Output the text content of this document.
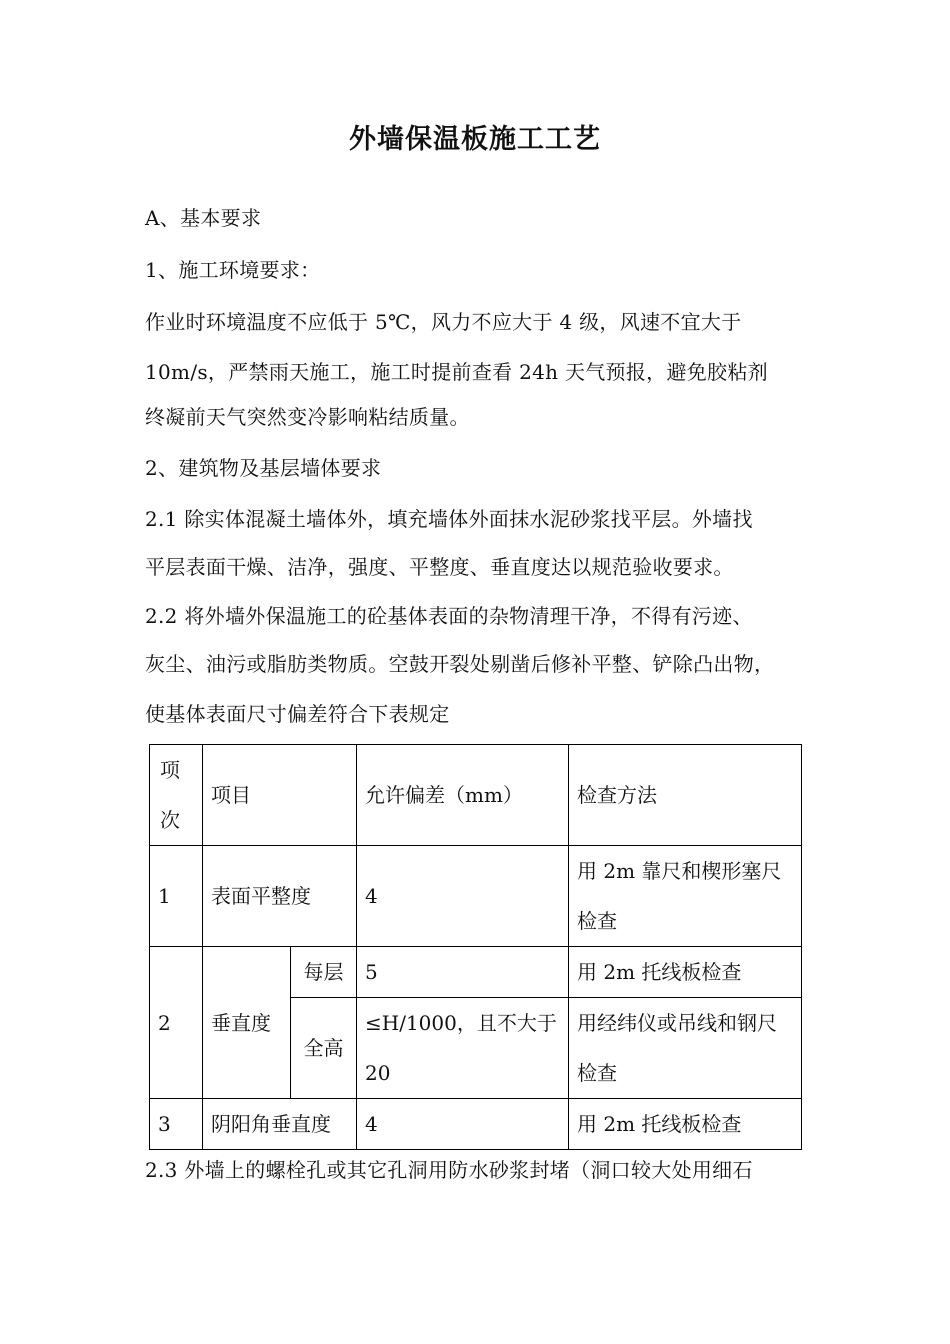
外墙保温板施工工艺

A、基本要求

1、施工环境要求：

作业时环境温度不应低于 5℃，风力不应大于 4 级，风速不宜大于

10m/s，严禁雨天施工，施工时提前查看 24h 天气预报，避免胶粘剂

终凝前天气突然变冷影响粘结质量。

2、建筑物及基层墙体要求

2.1 除实体混凝土墙体外，填充墙体外面抹水泥砂浆找平层。外墙找

平层表面干燥、洁净，强度、平整度、垂直度达以规范验收要求。

2.2 将外墙外保温施工的砼基体表面的杂物清理干净，不得有污迹、

灰尘、油污或脂肪类物质。空鼓开裂处剔凿后修补平整、铲除凸出物，

使基体表面尺寸偏差符合下表规定

项次	项目		允许偏差（mm）	检查方法
1	表面平整度		4	用 2m 靠尺和楔形塞尺检查
2	垂直度	每层	5	用 2m 托线板检查
		全高	≤H/1000，且不大于20	用经纬仪或吊线和钢尺检查
3	阴阳角垂直度		4	用 2m 托线板检查

2.3 外墙上的螺栓孔或其它孔洞用防水砂浆封堵（洞口较大处用细石
